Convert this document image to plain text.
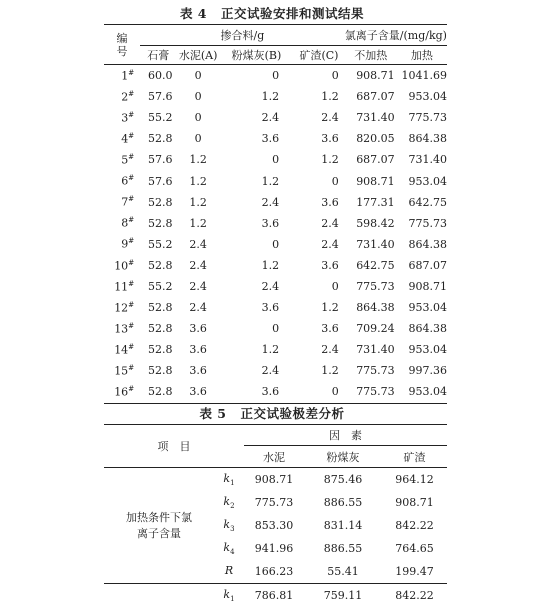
表 4 正交试验安排和测试结果
编号	掺合料/g				氯离子含量/(mg/kg)	
	石膏	水泥(A)	粉煤灰(B)	矿渣(C)	不加热	加热
1#	60.0	0	0	0	908.71	1041.69
2#	57.6	0	1.2	1.2	687.07	953.04
3#	55.2	0	2.4	2.4	731.40	775.73
4#	52.8	0	3.6	3.6	820.05	864.38
5#	57.6	1.2	0	1.2	687.07	731.40
6#	57.6	1.2	1.2	0	908.71	953.04
7#	52.8	1.2	2.4	3.6	177.31	642.75
8#	52.8	1.2	3.6	2.4	598.42	775.73
9#	55.2	2.4	0	2.4	731.40	864.38
10#	52.8	2.4	1.2	3.6	642.75	687.07
11#	55.2	2.4	2.4	0	775.73	908.71
12#	52.8	2.4	3.6	1.2	864.38	953.04
13#	52.8	3.6	0	3.6	709.24	864.38
14#	52.8	3.6	1.2	2.4	731.40	953.04
15#	52.8	3.6	2.4	1.2	775.73	997.36
16#	52.8	3.6	3.6	0	775.73	953.04
表 5 正交试验极差分析
项　目		因　素		
		水泥	粉煤灰	矿渣
加热条件下氯离子含量	$k_1$	908.71	875.46	964.12
	$k_2$	775.73	886.55	908.71
	$k_3$	853.30	831.14	842.22
	$k_4$	941.96	886.55	764.65
	R	166.23	55.41	199.47
	$k_1$	786.81	759.11	842.22
